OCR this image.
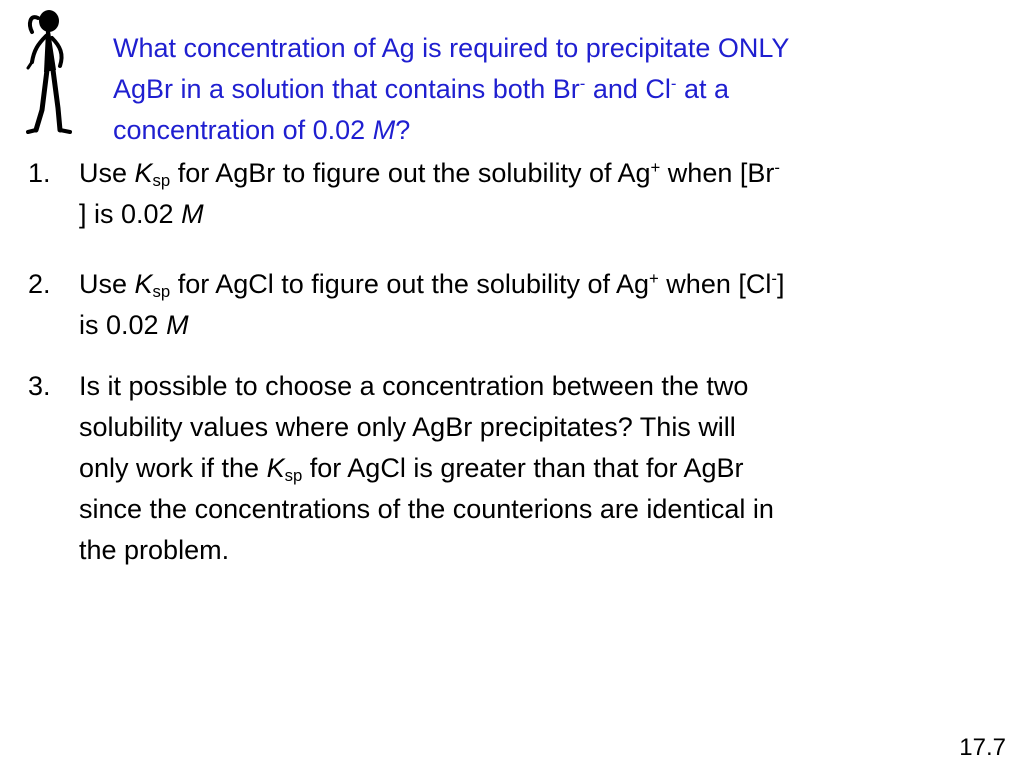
What concentration of Ag is required to precipitate ONLY
AgBr in a solution that contains both Br- and Cl- at a
concentration of 0.02 M?
1. Use $K_{sp}$ for AgBr to figure out the solubility of Ag+ when [Br-
] is 0.02 M
2. Use $K_{sp}$ for AgCl to figure out the solubility of Ag+ when [Cl-]
is 0.02 M
3. Is it possible to choose a concentration between the two
solubility values where only AgBr precipitates? This will
only work if the $K_{sp}$ for AgCl is greater than that for AgBr
since the concentrations of the counterions are identical in
the problem.
17.7
